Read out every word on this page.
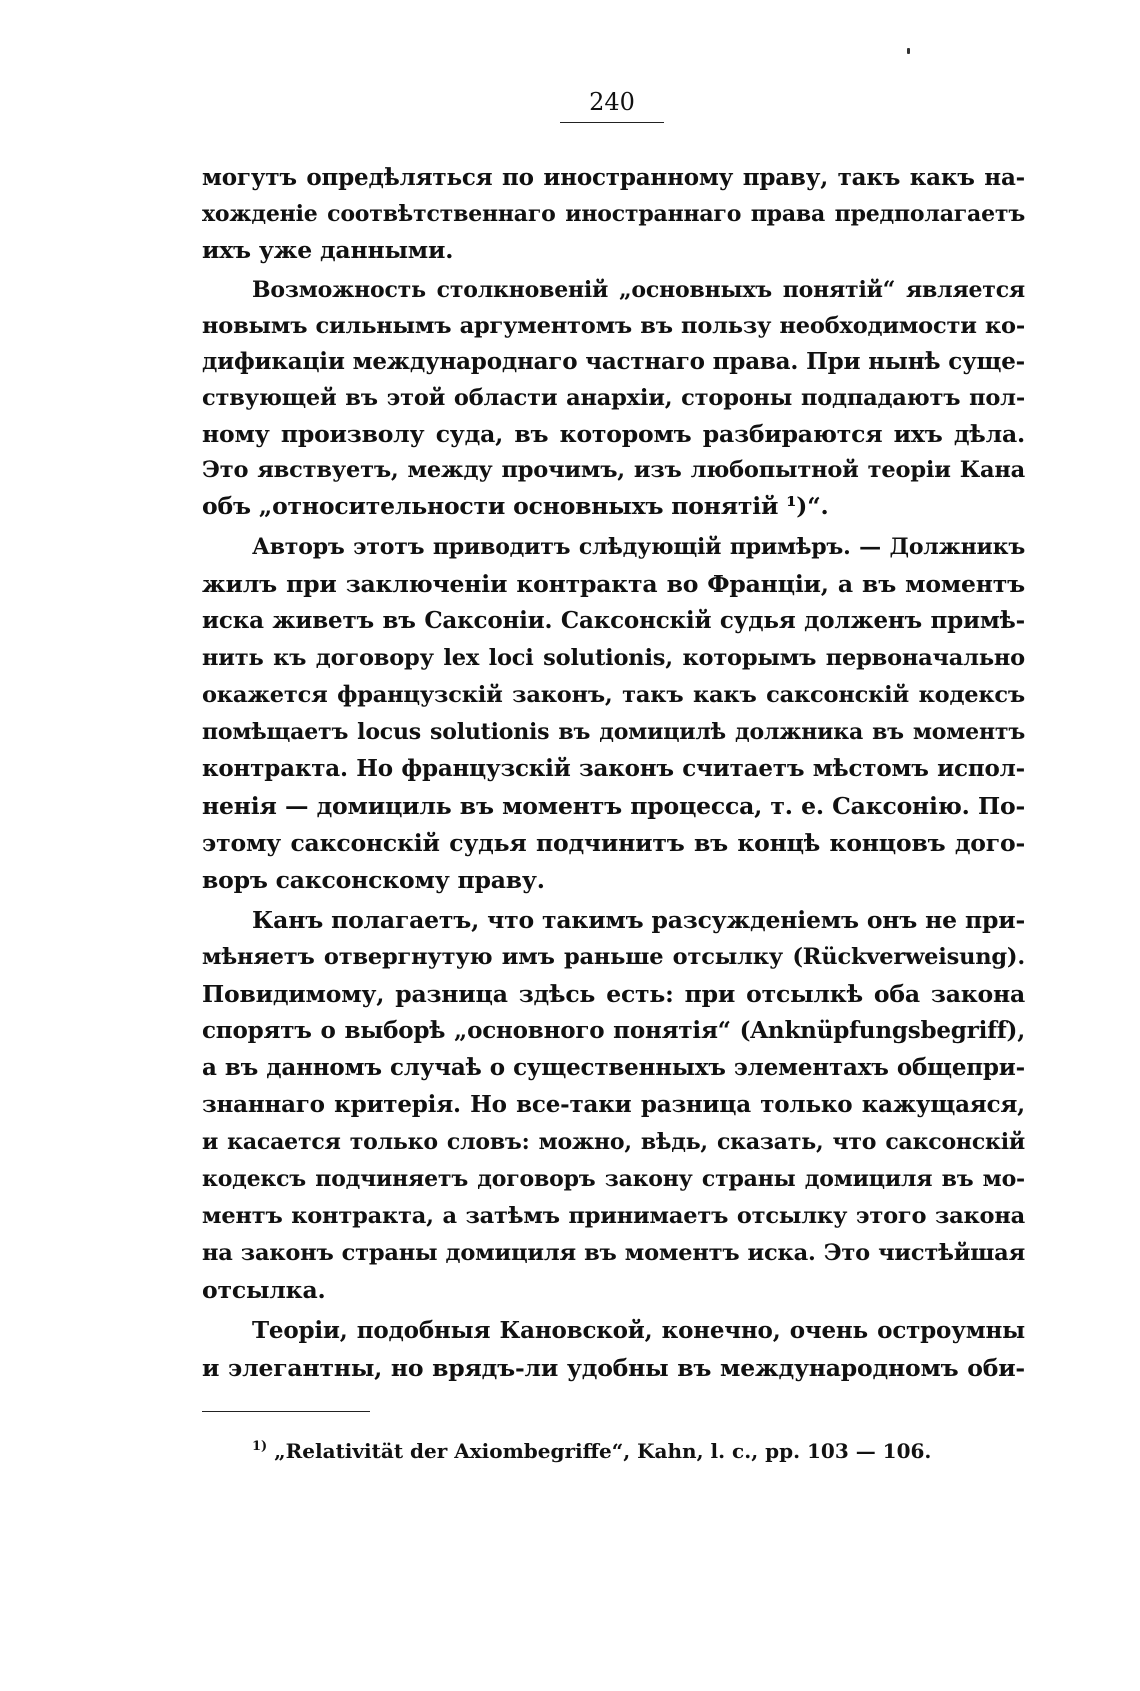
240
могутъ опредѣляться по иностранному праву, такъ какъ на-
хожденіе соотвѣтственнаго иностраннаго права предполагаетъ
ихъ уже данными.
Возможность столкновеній „основныхъ понятій“ является
новымъ сильнымъ аргументомъ въ пользу необходимости ко-
дификаціи международнаго частнаго права. При нынѣ суще-
ствующей въ этой области анархіи, стороны подпадаютъ пол-
ному произволу суда, въ которомъ разбираются ихъ дѣла.
Это явствуетъ, между прочимъ, изъ любопытной теоріи Кана
объ „относительности основныхъ понятій ¹)“.
Авторъ этотъ приводитъ слѣдующій примѣръ. — Должникъ
жилъ при заключеніи контракта во Франціи, а въ моментъ
иска живетъ въ Саксоніи. Саксонскій судья долженъ примѣ-
нить къ договору lex loci solutionis, которымъ первоначально
окажется французскій законъ, такъ какъ саксонскій кодексъ
помѣщаетъ locus solutionis въ домицилѣ должника въ моментъ
контракта. Но французскій законъ считаетъ мѣстомъ испол-
ненія — домициль въ моментъ процесса, т. е. Саксонію. По-
этому саксонскій судья подчинитъ въ концѣ концовъ дого-
воръ саксонскому праву.
Канъ полагаетъ, что такимъ разсужденіемъ онъ не при-
мѣняетъ отвергнутую имъ раньше отсылку (Rückverweisung).
Повидимому, разница здѣсь есть: при отсылкѣ оба закона
спорятъ о выборѣ „основного понятія“ (Anknüpfungsbegriff),
а въ данномъ случаѣ о существенныхъ элементахъ общепри-
знаннаго критерія. Но все-таки разница только кажущаяся,
и касается только словъ: можно, вѣдь, сказать, что саксонскій
кодексъ подчиняетъ договоръ закону страны домициля въ мо-
ментъ контракта, а затѣмъ принимаетъ отсылку этого закона
на законъ страны домициля въ моментъ иска. Это чистѣйшая
отсылка.
Теоріи, подобныя Кановской, конечно, очень остроумны
и элегантны, но врядъ-ли удобны въ международномъ оби-
$^{1)}$ „Relativität der Axiombegriffe“, Kahn, l. c., pp. 103 — 106.
